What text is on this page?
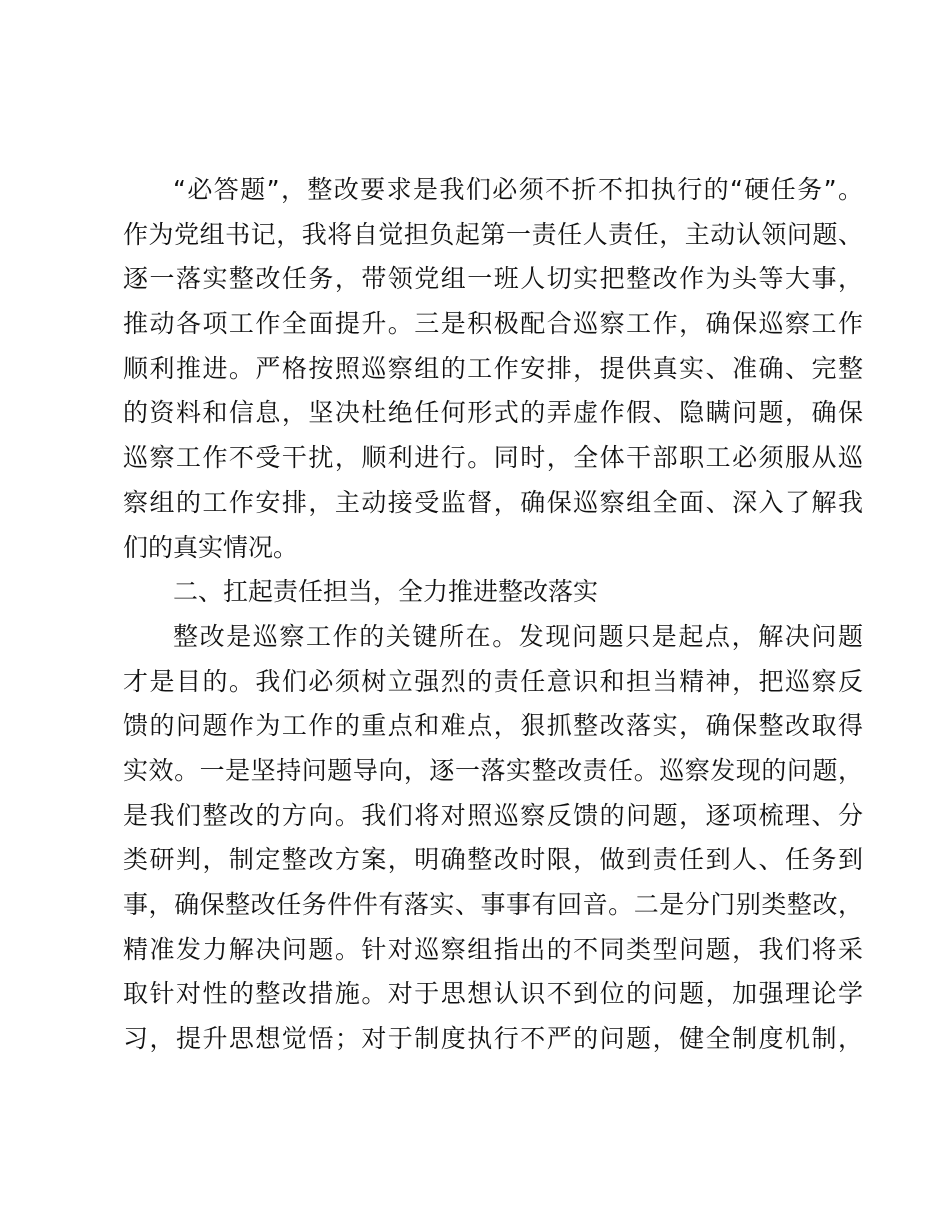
“必答题”，整改要求是我们必须不折不扣执行的“硬任务”。
作为党组书记，我将自觉担负起第一责任人责任，主动认领问题、
逐一落实整改任务，带领党组一班人切实把整改作为头等大事，
推动各项工作全面提升。三是积极配合巡察工作，确保巡察工作
顺利推进。严格按照巡察组的工作安排，提供真实、准确、完整
的资料和信息，坚决杜绝任何形式的弄虚作假、隐瞒问题，确保
巡察工作不受干扰，顺利进行。同时，全体干部职工必须服从巡
察组的工作安排，主动接受监督，确保巡察组全面、深入了解我
们的真实情况。
二、扛起责任担当，全力推进整改落实
整改是巡察工作的关键所在。发现问题只是起点，解决问题
才是目的。我们必须树立强烈的责任意识和担当精神，把巡察反
馈的问题作为工作的重点和难点，狠抓整改落实，确保整改取得
实效。一是坚持问题导向，逐一落实整改责任。巡察发现的问题，
是我们整改的方向。我们将对照巡察反馈的问题，逐项梳理、分
类研判，制定整改方案，明确整改时限，做到责任到人、任务到
事，确保整改任务件件有落实、事事有回音。二是分门别类整改，
精准发力解决问题。针对巡察组指出的不同类型问题，我们将采
取针对性的整改措施。对于思想认识不到位的问题，加强理论学
习，提升思想觉悟；对于制度执行不严的问题，健全制度机制，
